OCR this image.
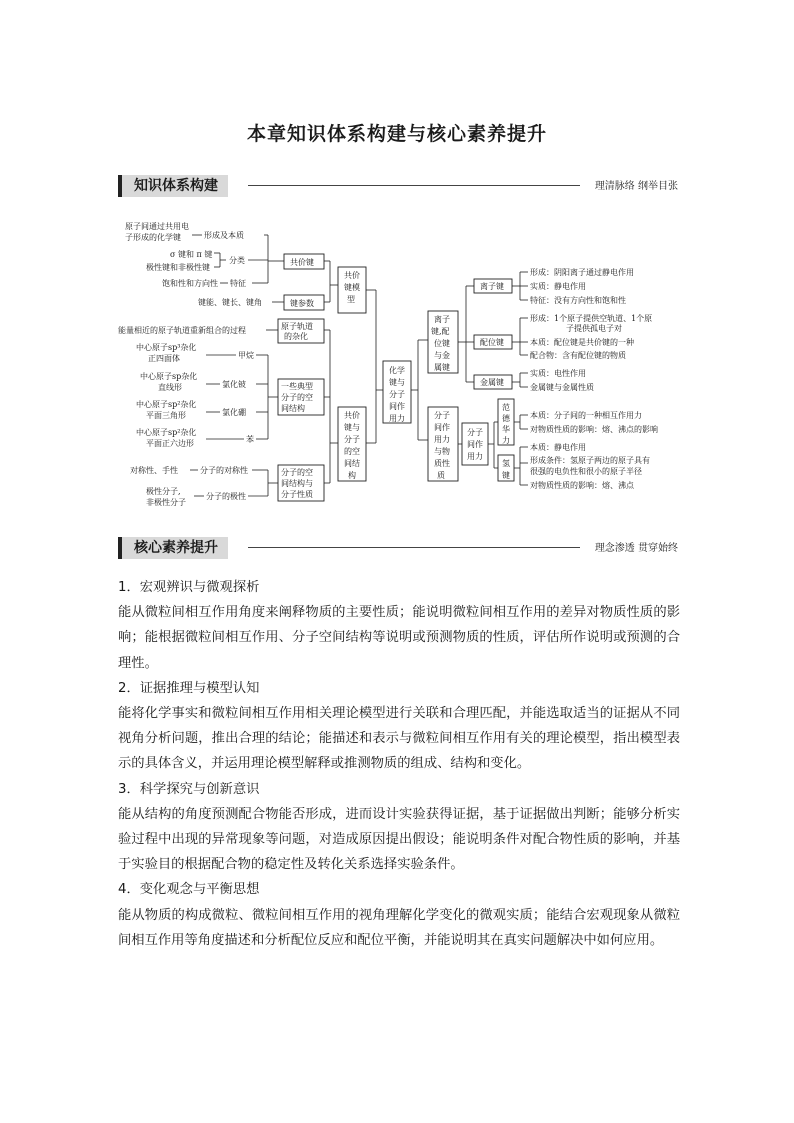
本章知识体系构建与核心素养提升
知识体系构建	理清脉络 纲举目张
原子间通过共用电
子形成的化学键	形成及本质
σ 键和 π 键
极性键和非极性键
分类
饱和性和方向性 特征
共价键
键能、键长、键角	键参数
共价
键模
型
能量相近的原子轨道重新组合的过程	原子轨道
的杂化
中心原子sp³杂化
正四面体	甲烷
中心原子sp杂化
直线形	氯化铍
中心原子sp²杂化
平面三角形	氯化硼
中心原子sp²杂化
平面正六边形	苯
一些典型
分子的空
间结构
对称性、手性	分子的对称性
极性分子,
非极性分子
分子的极性
分子的空
间结构与
分子性质
共价
键与
分子
的空
间结
构
化学
键与
分子
间作
用力
离子
键,配
位键
与金
属键
分子
间作
用力
与物
质性
质
离子键
配位键
金属键
形成：阴阳离子通过静电作用
实质：静电作用
特征：没有方向性和饱和性
形成：1个原子提供空轨道、1个原
子提供孤电子对
本质：配位键是共价键的一种
配合物：含有配位键的物质
实质：电性作用
金属键与金属性质
分子
间作
用力
范
德
华
力
氢
键
本质：分子间的一种相互作用力
对物质性质的影响：熔、沸点的影响
本质：静电作用
形成条件：氢原子两边的原子具有
很强的电负性和很小的原子半径
对物质性质的影响：熔、沸点
核心素养提升	理念渗透 贯穿始终

1．宏观辨识与微观探析

能从微粒间相互作用角度来阐释物质的主要性质；能说明微粒间相互作用的差异对物质性质的影响；能根据微粒间相互作用、分子空间结构等说明或预测物质的性质，评估所作说明或预测的合理性。

2．证据推理与模型认知

能将化学事实和微粒间相互作用相关理论模型进行关联和合理匹配，并能选取适当的证据从不同视角分析问题，推出合理的结论；能描述和表示与微粒间相互作用有关的理论模型，指出模型表示的具体含义，并运用理论模型解释或推测物质的组成、结构和变化。

3．科学探究与创新意识

能从结构的角度预测配合物能否形成，进而设计实验获得证据，基于证据做出判断；能够分析实验过程中出现的异常现象等问题，对造成原因提出假设；能说明条件对配合物性质的影响，并基于实验目的根据配合物的稳定性及转化关系选择实验条件。

4．变化观念与平衡思想

能从物质的构成微粒、微粒间相互作用的视角理解化学变化的微观实质；能结合宏观现象从微粒间相互作用等角度描述和分析配位反应和配位平衡，并能说明其在真实问题解决中如何应用。
